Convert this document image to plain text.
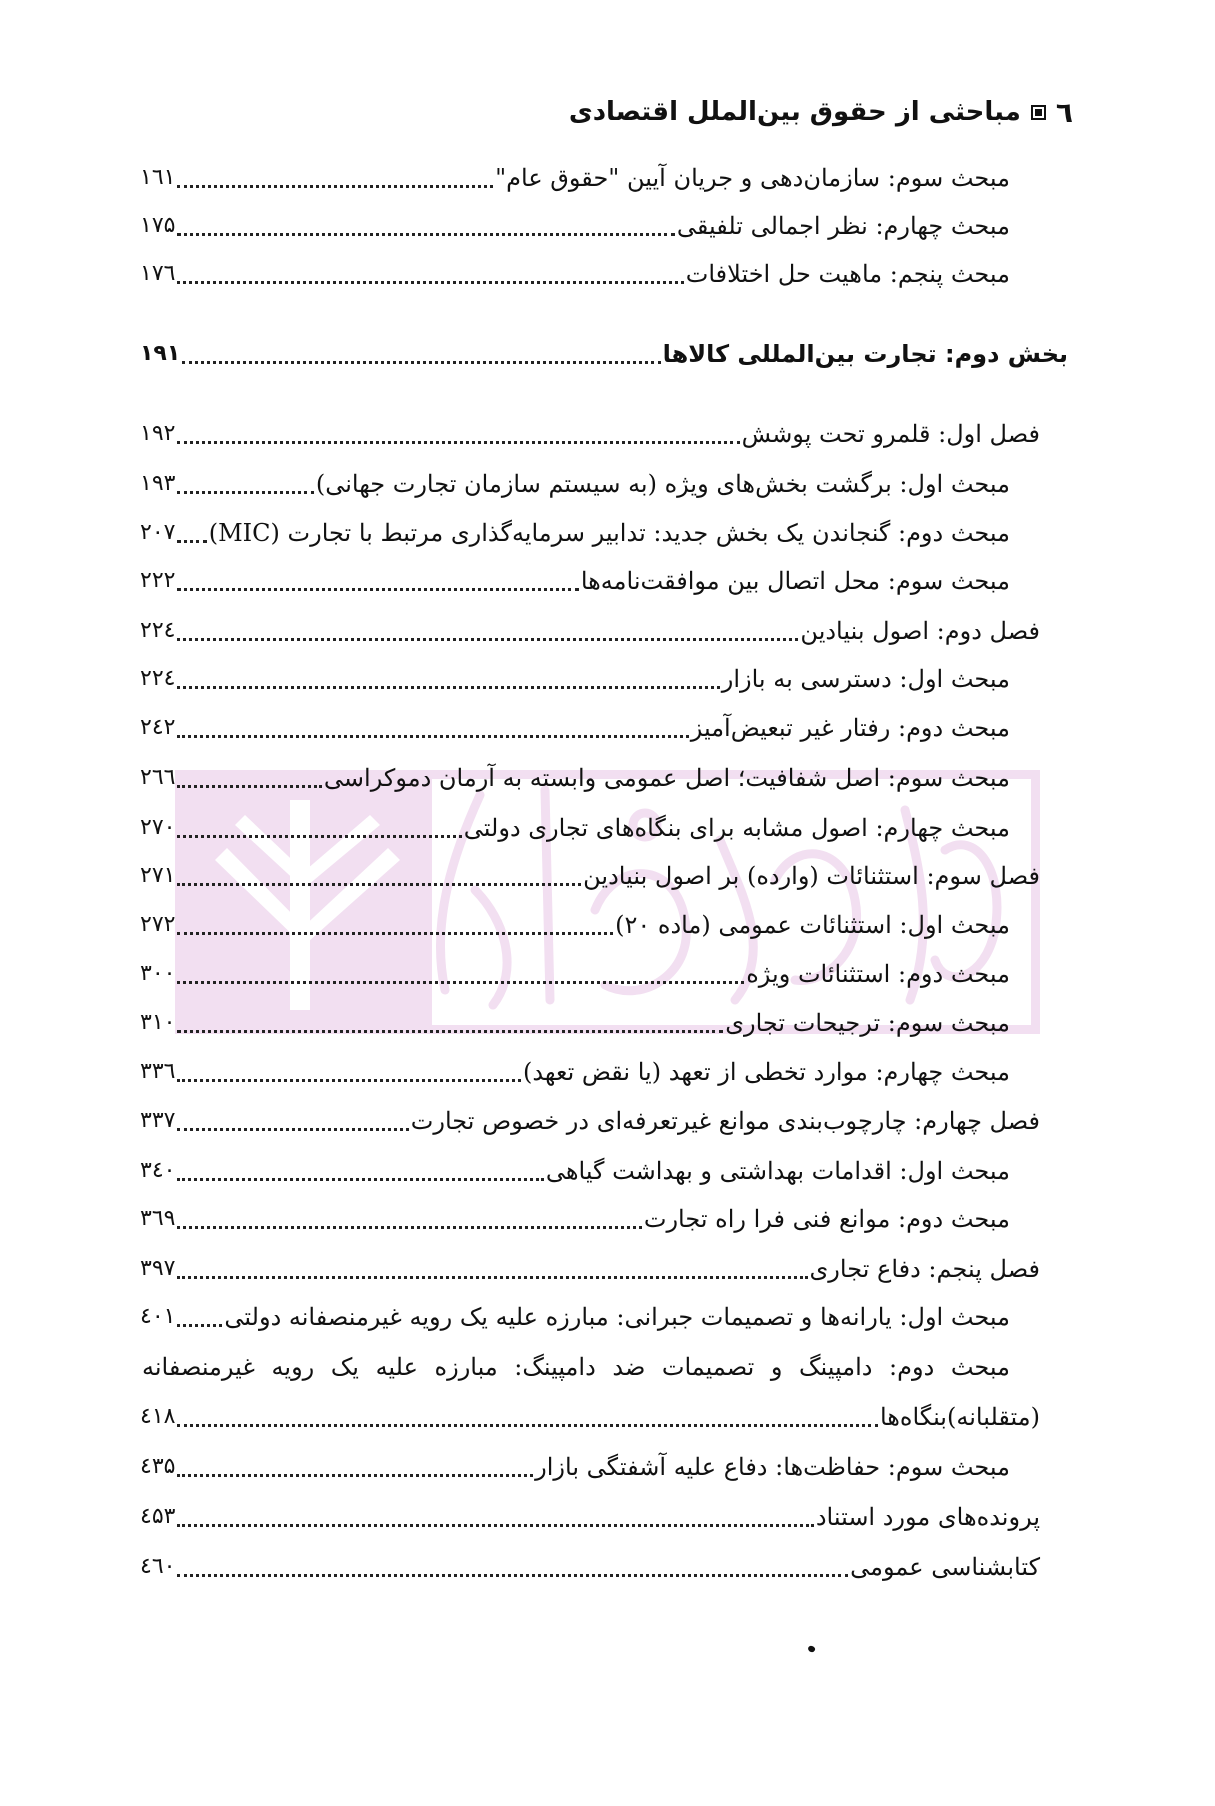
٦
مباحثی از حقوق بین‌الملل اقتصادی
مبحث سوم: سازمان‌دهی و جریان آیین "حقوق عام"
۱٦۱
مبحث چهارم: نظر اجمالی تلفیقی
۱۷۵
مبحث پنجم: ماهیت حل اختلافات
۱۷٦
بخش دوم: تجارت بین‌المللی کالاها
۱۹۱
فصل اول: قلمرو تحت پوشش
۱۹۲
مبحث اول: برگشت بخش‌های ویژه (به سیستم سازمان تجارت جهانی)
۱۹۳
مبحث دوم: گنجاندن یک بخش جدید: تدابیر سرمایه‌گذاری مرتبط با تجارت (MIC)
۲۰۷
مبحث سوم: محل اتصال بین موافقت‌نامه‌ها
۲۲۲
فصل دوم: اصول بنیادین
۲۲٤
مبحث اول: دسترسی به بازار
۲۲٤
مبحث دوم: رفتار غیر تبعیض‌آمیز
۲٤۲
مبحث سوم: اصل شفافیت؛ اصل عمومی وابسته به آرمان دموکراسی
۲٦٦
مبحث چهارم: اصول مشابه برای بنگاه‌های تجاری دولتی
۲۷۰
فصل سوم: استثنائات (وارده) بر اصول بنیادین
۲۷۱
مبحث اول: استثنائات عمومی (ماده ۲۰)
۲۷۲
مبحث دوم: استثنائات ویژه
۳۰۰
مبحث سوم: ترجیحات تجاری
۳۱۰
مبحث چهارم: موارد تخطی از تعهد (یا نقض تعهد)
۳۳٦
فصل چهارم: چارچوب‌بندی موانع غیرتعرفه‌ای در خصوص تجارت
۳۳۷
مبحث اول: اقدامات بهداشتی و بهداشت گیاهی
۳٤۰
مبحث دوم: موانع فنی فرا راه تجارت
۳٦۹
فصل پنجم: دفاع تجاری
۳۹۷
مبحث اول: یارانه‌ها و تصمیمات جبرانی: مبارزه علیه یک رویه غیرمنصفانه دولتی
٤۰۱
مبحث دوم: دامپینگ و تصمیمات ضد دامپینگ: مبارزه علیه یک رویه غیرمنصفانه
(متقلبانه)بنگاه‌ها
٤۱۸
مبحث سوم: حفاظت‌ها: دفاع علیه آشفتگی بازار
٤۳۵
پرونده‌های مورد استناد
٤۵۳
کتابشناسی عمومی
٤٦۰
